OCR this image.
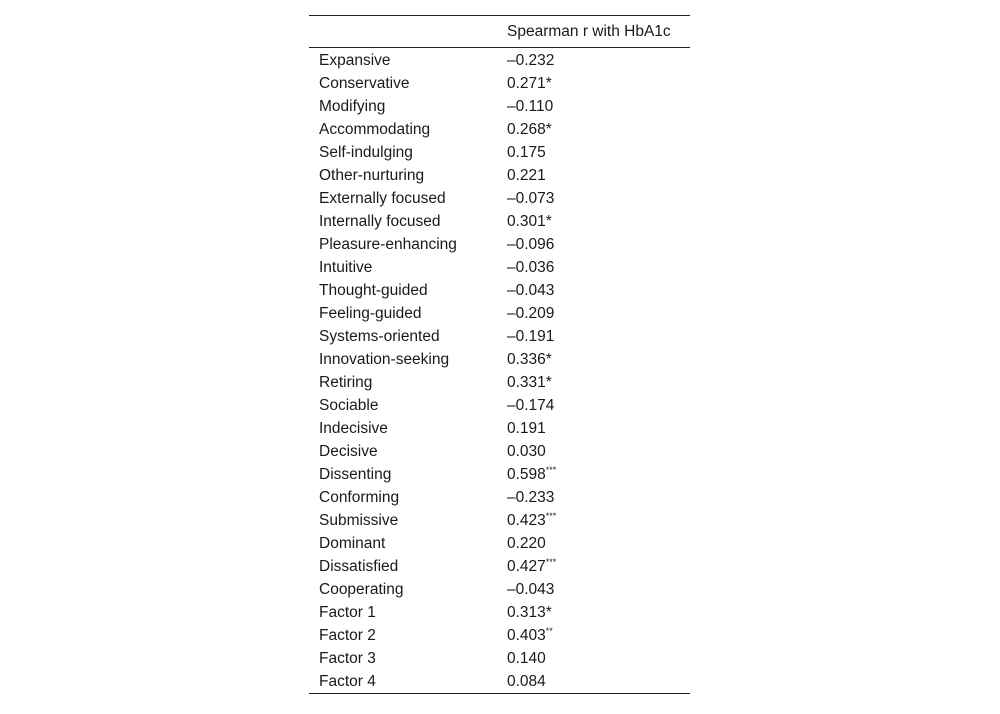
	Spearman r with HbA1c

Expansive	–0.232
Conservative	0.271*
Modifying	–0.110
Accommodating	0.268*
Self-indulging	0.175
Other-nurturing	0.221
Externally focused	–0.073
Internally focused	0.301*
Pleasure-enhancing	–0.096
Intuitive	–0.036
Thought-guided	–0.043
Feeling-guided	–0.209
Systems-oriented	–0.191
Innovation-seeking	0.336*
Retiring	0.331*
Sociable	–0.174
Indecisive	0.191
Decisive	0.030
Dissenting	0.598***
Conforming	–0.233
Submissive	0.423***
Dominant	0.220
Dissatisfied	0.427***
Cooperating	–0.043
Factor 1	0.313*
Factor 2	0.403**
Factor 3	0.140
Factor 4	0.084
